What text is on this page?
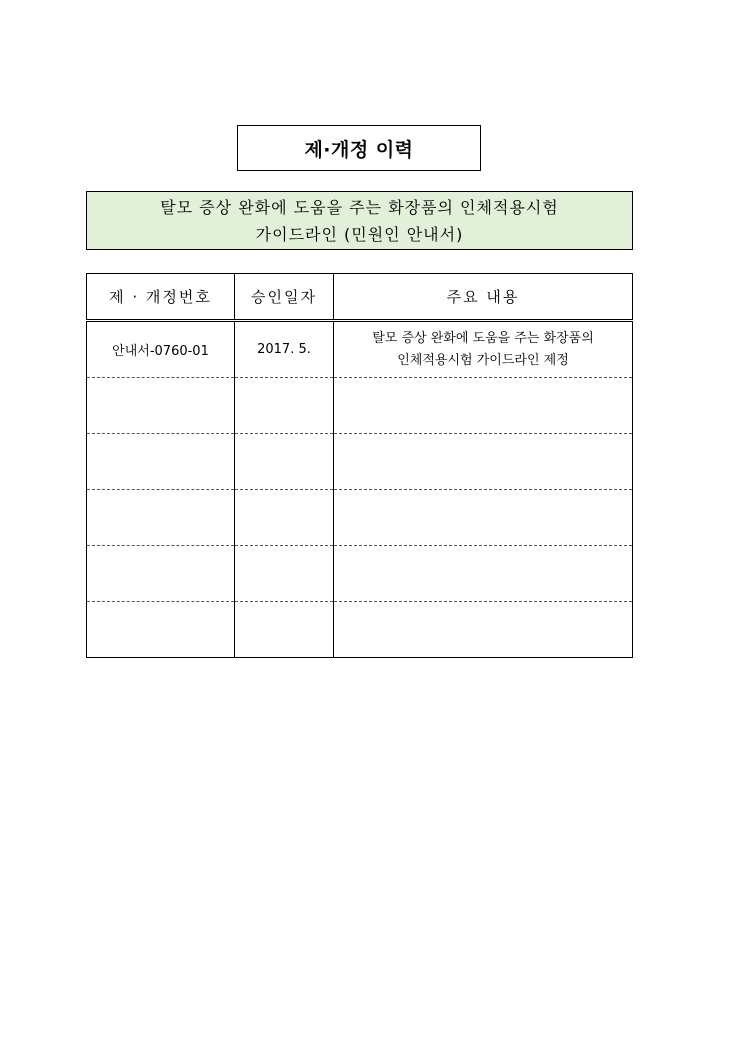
제·개정 이력
탈모 증상 완화에 도움을 주는 화장품의 인체적용시험
가이드라인 (민원인 안내서)
제 · 개정번호	승인일자	주요 내용
안내서-0760-01	2017. 5.	탈모 증상 완화에 도움을 주는 화장품의
인체적용시험 가이드라인 제정
